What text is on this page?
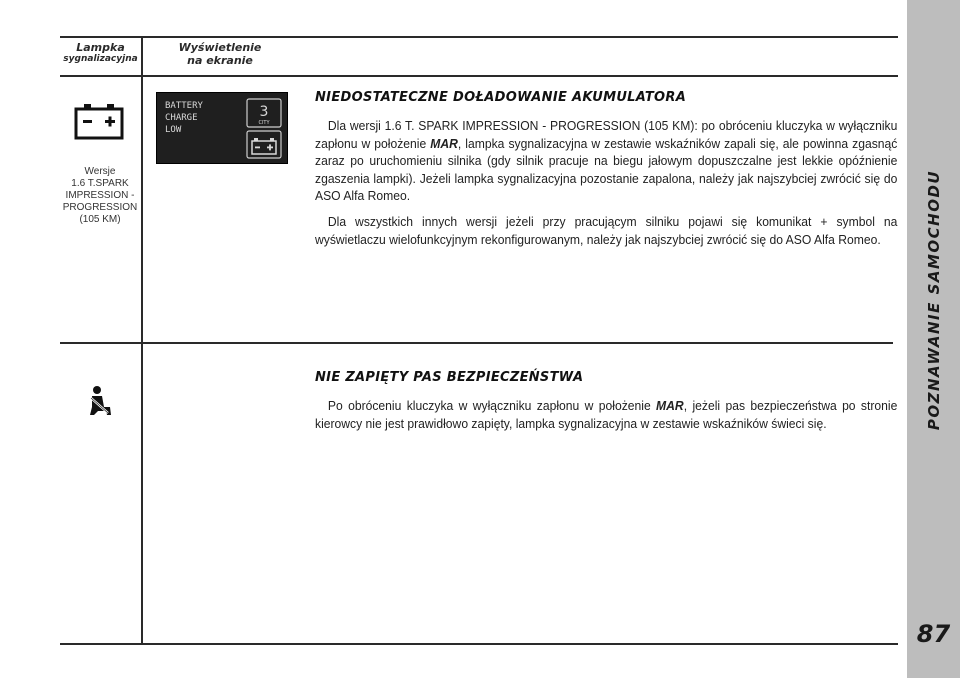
POZNAWANIE SAMOCHODU
87
Lampka
sygnalizacyjna
Wyświetlenie
na ekranie
Wersje
1.6 T.SPARK
IMPRESSION -
PROGRESSION
(105 KM)
BATTERY
CHARGE
LOW
3
CITY
NIEDOSTATECZNE DOŁADOWANIE AKUMULATORA
Dla wersji 1.6 T. SPARK IMPRESSION - PROGRESSION (105 KM): po obróceniu kluczyka w wyłączniku zapłonu w położenie MAR, lampka sygnalizacyjna w zestawie wskaźników zapali się, ale powinna zgasnąć zaraz po uruchomieniu silnika (gdy silnik pracuje na biegu jałowym dopuszczalne jest lekkie opóźnienie zgaszenia lampki). Jeżeli lampka sygnalizacyjna pozostanie zapalona, należy jak najszybciej zwrócić się do ASO Alfa Romeo.
Dla wszystkich innych wersji jeżeli przy pracującym silniku pojawi się komunikat + symbol na wyświetlaczu wielofunkcyjnym rekonfigurowanym, należy jak najszybciej zwrócić się do ASO Alfa Romeo.
NIE ZAPIĘTY PAS BEZPIECZEŃSTWA
Po obróceniu kluczyka w wyłączniku zapłonu w położenie MAR, jeżeli pas bezpieczeństwa po stronie kierowcy nie jest prawidłowo zapięty, lampka sygnalizacyjna w zestawie wskaźników świeci się.
